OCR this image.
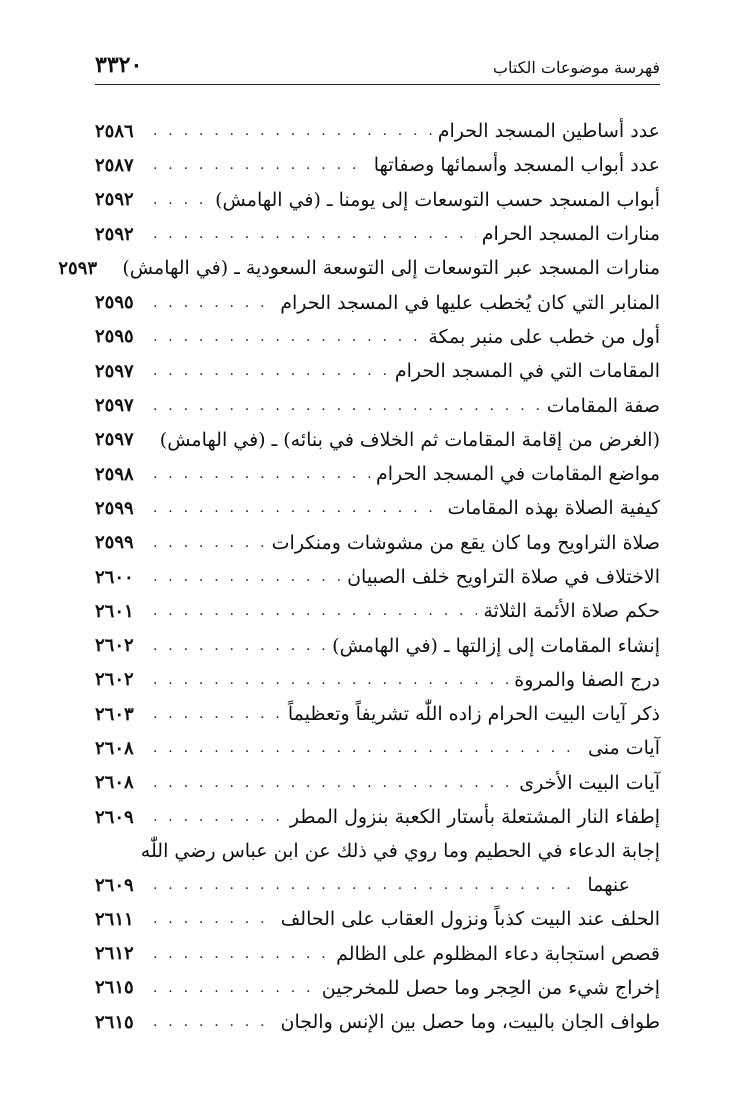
فهرسة موضوعات الكتاب
٣٣٢٠
عدد أساطين المسجد الحرام
. . .
٢٥٨٦
عدد أبواب المسجد وأسمائها وصفاتها
. . .
٢٥٨٧
أبواب المسجد حسب التوسعات إلى يومنا ـ (في الهامش)
. . .
٢٥٩٢
منارات المسجد الحرام
. . .
٢٥٩٢
منارات المسجد عبر التوسعات إلى التوسعة السعودية ـ (في الهامش)
٢٥٩٣
المنابر التي كان يُخطب عليها في المسجد الحرام
. . .
٢٥٩٥
أول من خطب على منبر بمكة
. . .
٢٥٩٥
المقامات التي في المسجد الحرام
. . .
٢٥٩٧
صفة المقامات
. . .
٢٥٩٧
(الغرض من إقامة المقامات ثم الخلاف في بنائه) ـ (في الهامش)
٢٥٩٧
مواضع المقامات في المسجد الحرام
. . .
٢٥٩٨
كيفية الصلاة بهذه المقامات
. . .
٢٥٩٩
صلاة التراويح وما كان يقع من مشوشات ومنكرات
. . .
٢٥٩٩
الاختلاف في صلاة التراويح خلف الصبيان
. . .
٢٦٠٠
حكم صلاة الأئمة الثلاثة
. . .
٢٦٠١
إنشاء المقامات إلى إزالتها ـ (في الهامش)
. . .
٢٦٠٢
درج الصفا والمروة
. . .
٢٦٠٢
ذكر آيات البيت الحرام زاده اللّٰه تشريفاً وتعظيماً
. . .
٢٦٠٣
آيات منى
. . .
٢٦٠٨
آيات البيت الأخرى
. . .
٢٦٠٨
إطفاء النار المشتعلة بأستار الكعبة بنزول المطر
. . .
٢٦٠٩
إجابة الدعاء في الحطيم وما روي في ذلك عن ابن عباس رضي اللّٰه
عنهما
. . .
٢٦٠٩
الحلف عند البيت كذباً ونزول العقاب على الحالف
. . .
٢٦١١
قصص استجابة دعاء المظلوم على الظالم
. . .
٢٦١٢
إخراج شيء من الحِجر وما حصل للمخرجين
. . .
٢٦١٥
طواف الجان بالبيت، وما حصل بين الإنس والجان
. . .
٢٦١٥
